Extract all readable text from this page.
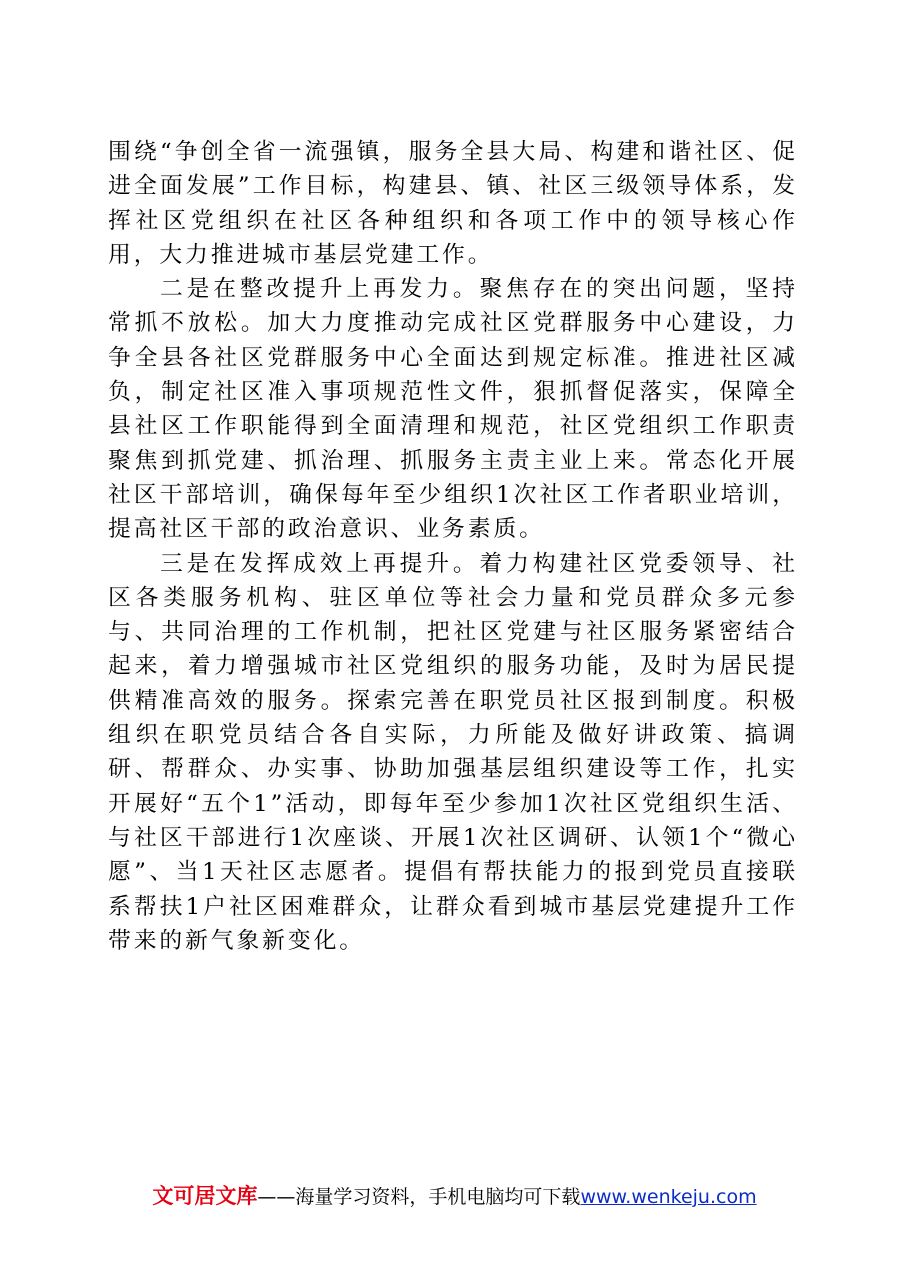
围绕“争创全省一流强镇，服务全县大局、构建和谐社区、促进全面发展”工作目标，构建县、镇、社区三级领导体系，发挥社区党组织在社区各种组织和各项工作中的领导核心作用，大力推进城市基层党建工作。

二是在整改提升上再发力。聚焦存在的突出问题，坚持常抓不放松。加大力度推动完成社区党群服务中心建设，力争全县各社区党群服务中心全面达到规定标准。推进社区减负，制定社区准入事项规范性文件，狠抓督促落实，保障全县社区工作职能得到全面清理和规范，社区党组织工作职责聚焦到抓党建、抓治理、抓服务主责主业上来。常态化开展社区干部培训，确保每年至少组织1次社区工作者职业培训，提高社区干部的政治意识、业务素质。

三是在发挥成效上再提升。着力构建社区党委领导、社区各类服务机构、驻区单位等社会力量和党员群众多元参与、共同治理的工作机制，把社区党建与社区服务紧密结合起来，着力增强城市社区党组织的服务功能，及时为居民提供精准高效的服务。探索完善在职党员社区报到制度。积极组织在职党员结合各自实际，力所能及做好讲政策、搞调研、帮群众、办实事、协助加强基层组织建设等工作，扎实开展好“五个1”活动，即每年至少参加1次社区党组织生活、与社区干部进行1次座谈、开展1次社区调研、认领1个“微心愿”、当1天社区志愿者。提倡有帮扶能力的报到党员直接联系帮扶1户社区困难群众，让群众看到城市基层党建提升工作带来的新气象新变化。

文可居文库——海量学习资料，手机电脑均可下载www.wenkeju.com
